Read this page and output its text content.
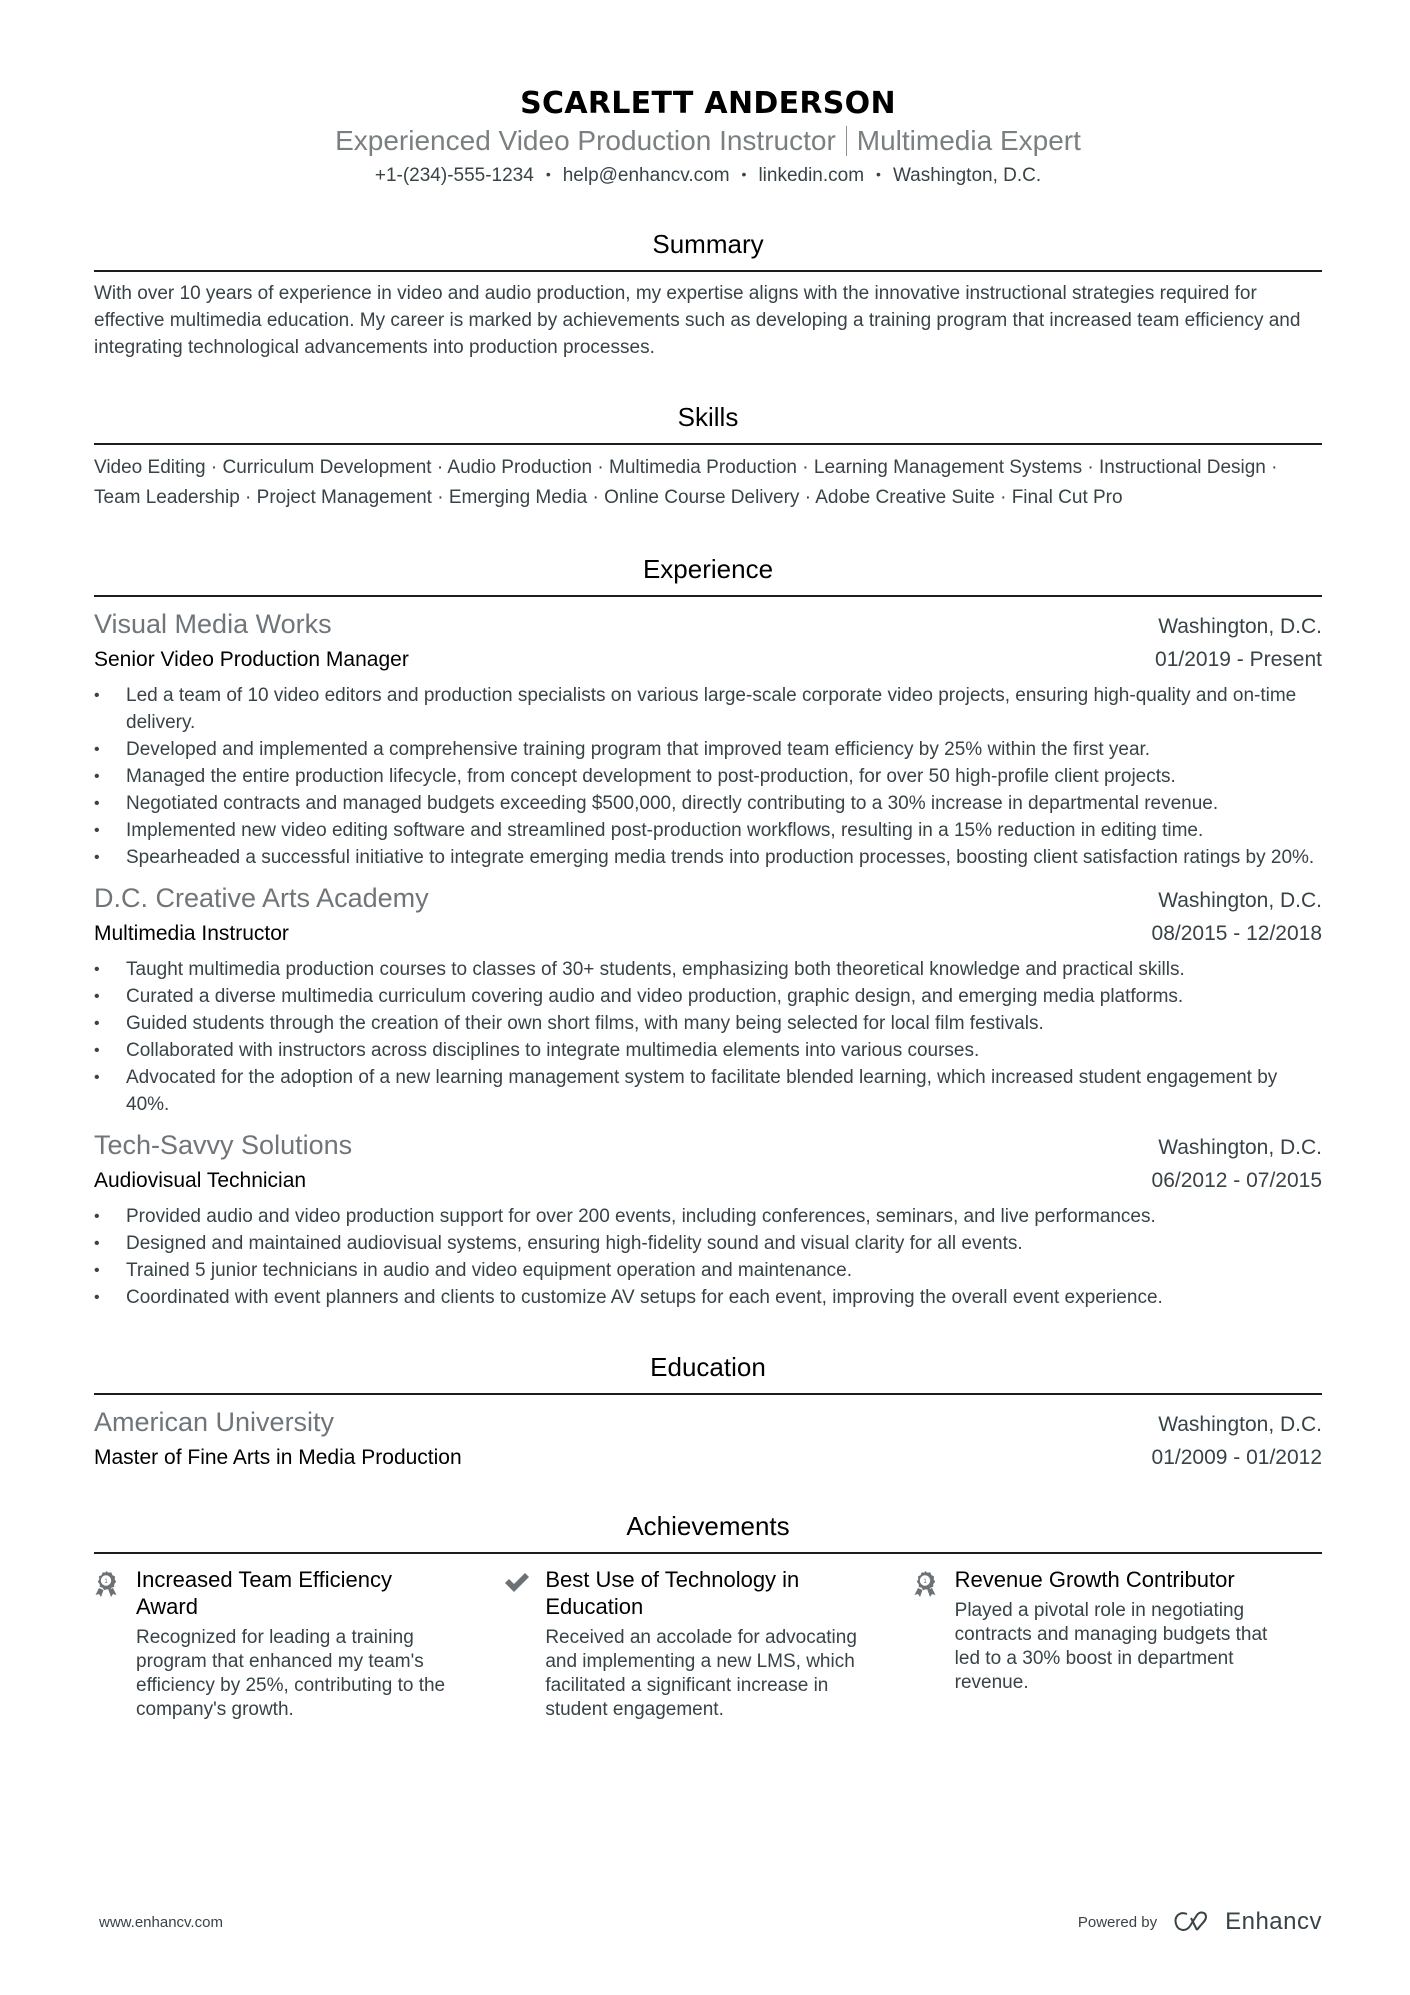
SCARLETT ANDERSON
Experienced Video Production Instructor Multimedia Expert
+1-(234)-555-1234 • help@enhancv.com • linkedin.com • Washington, D.C.
Summary

With over 10 years of experience in video and audio production, my expertise aligns with the innovative instructional strategies required for effective multimedia education. My career is marked by achievements such as developing a training program that increased team efficiency and integrating technological advancements into production processes.

Skills

Video Editing · Curriculum Development · Audio Production · Multimedia Production · Learning Management Systems · Instructional Design · Team Leadership · Project Management · Emerging Media · Online Course Delivery · Adobe Creative Suite · Final Cut Pro

Experience
Visual Media Works	Washington, D.C.
Senior Video Production Manager	01/2019 - Present
• Led a team of 10 video editors and production specialists on various large-scale corporate video projects, ensuring high-quality and on-time delivery.
• Developed and implemented a comprehensive training program that improved team efficiency by 25% within the first year.
• Managed the entire production lifecycle, from concept development to post-production, for over 50 high-profile client projects.
• Negotiated contracts and managed budgets exceeding $500,000, directly contributing to a 30% increase in departmental revenue.
• Implemented new video editing software and streamlined post-production workflows, resulting in a 15% reduction in editing time.
• Spearheaded a successful initiative to integrate emerging media trends into production processes, boosting client satisfaction ratings by 20%.
D.C. Creative Arts Academy	Washington, D.C.
Multimedia Instructor	08/2015 - 12/2018
• Taught multimedia production courses to classes of 30+ students, emphasizing both theoretical knowledge and practical skills.
• Curated a diverse multimedia curriculum covering audio and video production, graphic design, and emerging media platforms.
• Guided students through the creation of their own short films, with many being selected for local film festivals.
• Collaborated with instructors across disciplines to integrate multimedia elements into various courses.
• Advocated for the adoption of a new learning management system to facilitate blended learning, which increased student engagement by 40%.
Tech-Savvy Solutions	Washington, D.C.
Audiovisual Technician	06/2012 - 07/2015
• Provided audio and video production support for over 200 events, including conferences, seminars, and live performances.
• Designed and maintained audiovisual systems, ensuring high-fidelity sound and visual clarity for all events.
• Trained 5 junior technicians in audio and video equipment operation and maintenance.
• Coordinated with event planners and clients to customize AV setups for each event, improving the overall event experience.
Education
American University	Washington, D.C.
Master of Fine Arts in Media Production	01/2009 - 01/2012
Achievements
1 Increased Team Efficiency Award
Recognized for leading a training program that enhanced my team's efficiency by 25%, contributing to the company's growth.
Best Use of Technology in Education
Received an accolade for advocating and implementing a new LMS, which facilitated a significant increase in student engagement.
1 Revenue Growth Contributor
Played a pivotal role in negotiating contracts and managing budgets that led to a 30% boost in department revenue.
www.enhancv.com	Powered by	Enhancv
